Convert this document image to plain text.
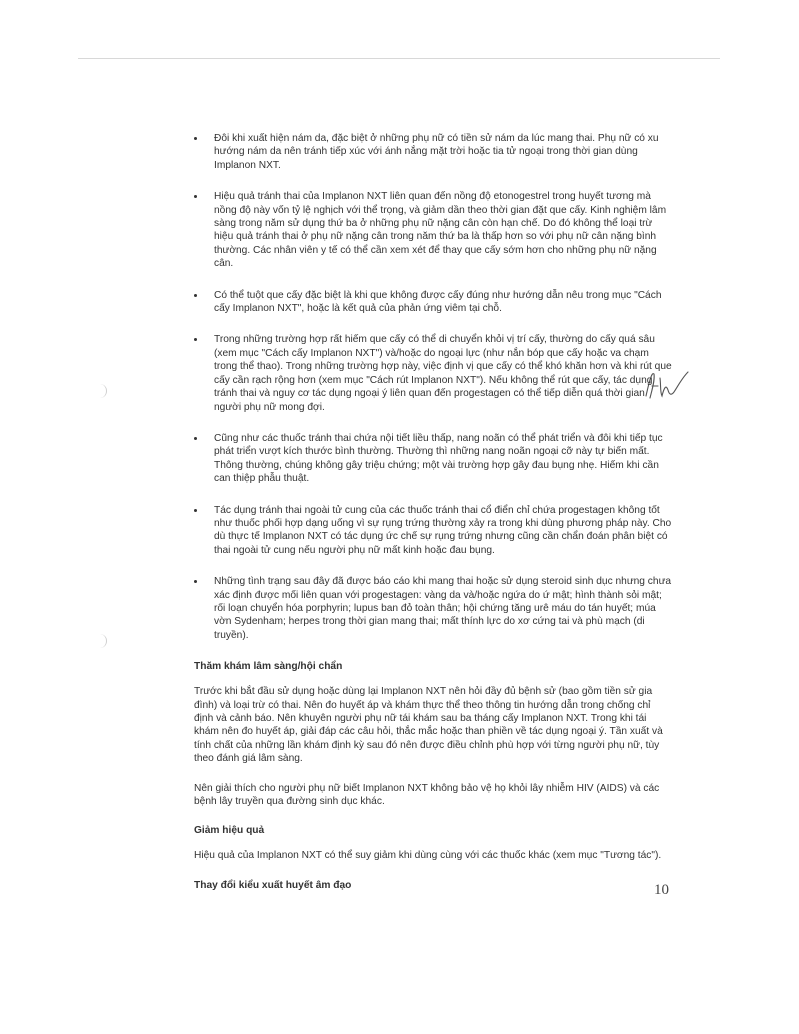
Đôi khi xuất hiện nám da, đặc biệt ở những phụ nữ có tiền sử nám da lúc mang thai. Phụ nữ có xu hướng nám da nên tránh tiếp xúc với ánh nắng mặt trời hoặc tia tử ngoại trong thời gian dùng Implanon NXT.
Hiệu quả tránh thai của Implanon NXT liên quan đến nồng độ etonogestrel trong huyết tương mà nồng độ này vốn tỷ lệ nghịch với thể trọng, và giảm dần theo thời gian đặt que cấy. Kinh nghiệm lâm sàng trong năm sử dụng thứ ba ở những phụ nữ nặng cân còn hạn chế. Do đó không thể loại trừ hiệu quả tránh thai ở phụ nữ nặng cân trong năm thứ ba là thấp hơn so với phụ nữ cân nặng bình thường. Các nhân viên y tế có thể cần xem xét để thay que cấy sớm hơn cho những phụ nữ nặng cân.
Có thể tuột que cấy đặc biệt là khi que không được cấy đúng như hướng dẫn nêu trong mục "Cách cấy Implanon NXT", hoặc là kết quả của phản ứng viêm tại chỗ.
Trong những trường hợp rất hiếm que cấy có thể di chuyển khỏi vị trí cấy, thường do cấy quá sâu (xem mục "Cách cấy Implanon NXT") và/hoặc do ngoại lực (như nắn bóp que cấy hoặc va chạm trong thể thao). Trong những trường hợp này, việc định vị que cấy có thể khó khăn hơn và khi rút que cấy cần rạch rộng hơn (xem mục "Cách rút Implanon NXT"). Nếu không thể rút que cấy, tác dụng tránh thai và nguy cơ tác dụng ngoại ý liên quan đến progestagen có thể tiếp diễn quá thời gian người phụ nữ mong đợi.
Cũng như các thuốc tránh thai chứa nội tiết liều thấp, nang noãn có thể phát triển và đôi khi tiếp tục phát triển vượt kích thước bình thường. Thường thì những nang noãn ngoại cỡ này tự biến mất. Thông thường, chúng không gây triệu chứng; một vài trường hợp gây đau bụng nhẹ. Hiếm khi cần can thiệp phẫu thuật.
Tác dụng tránh thai ngoài tử cung của các thuốc tránh thai cổ điển chỉ chứa progestagen không tốt như thuốc phối hợp dạng uống vì sự rụng trứng thường xảy ra trong khi dùng phương pháp này. Cho dù thực tế Implanon NXT có tác dụng ức chế sự rụng trứng nhưng cũng cần chẩn đoán phân biệt có thai ngoài tử cung nếu người phụ nữ mất kinh hoặc đau bụng.
Những tình trạng sau đây đã được báo cáo khi mang thai hoặc sử dụng steroid sinh dục nhưng chưa xác định được mối liên quan với progestagen: vàng da và/hoặc ngứa do ứ mật; hình thành sỏi mật; rối loạn chuyển hóa porphyrin; lupus ban đỏ toàn thân; hội chứng tăng urê máu do tán huyết; múa vờn Sydenham; herpes trong thời gian mang thai; mất thính lực do xơ cứng tai và phù mạch (di truyền).
Thăm khám lâm sàng/hội chẩn

Trước khi bắt đầu sử dụng hoặc dùng lại Implanon NXT nên hỏi đầy đủ bệnh sử (bao gồm tiền sử gia đình) và loại trừ có thai. Nên đo huyết áp và khám thực thể theo thông tin hướng dẫn trong chống chỉ định và cảnh báo. Nên khuyên người phụ nữ tái khám sau ba tháng cấy Implanon NXT. Trong khi tái khám nên đo huyết áp, giải đáp các câu hỏi, thắc mắc hoặc than phiền về tác dụng ngoại ý. Tần xuất và tính chất của những lần khám định kỳ sau đó nên được điều chỉnh phù hợp với từng người phụ nữ, tùy theo đánh giá lâm sàng.

Nên giải thích cho người phụ nữ biết Implanon NXT không bảo vệ họ khỏi lây nhiễm HIV (AIDS) và các bệnh lây truyền qua đường sinh dục khác.

Giảm hiệu quả

Hiệu quả của Implanon NXT có thể suy giảm khi dùng cùng với các thuốc khác (xem mục "Tương tác").

Thay đổi kiểu xuất huyết âm đạo	10
